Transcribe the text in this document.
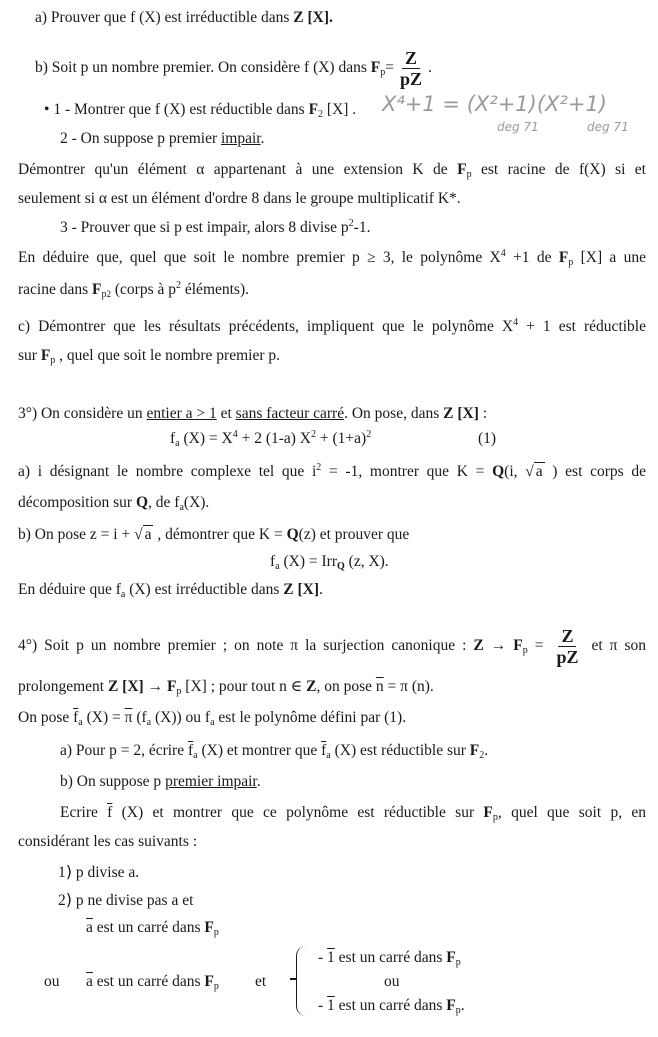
a) Prouver que f (X) est irréductible dans Z [X].
b) Soit p un nombre premier. On considère f (X) dans $F_p= \frac{Z}{pZ}$ .
• 1 - Montrer que f (X) est réductible dans $F_2$ [X] .	X⁴+1 = (X²+1)(X²+1)
deg 71	deg 71
2 - On suppose p premier impair.
Démontrer qu'un élément α appartenant à une extension K de $F_p$ est racine de f(X) si et
seulement si α est un élément d'ordre 8 dans le groupe multiplicatif K*.
3 - Prouver que si p est impair, alors 8 divise $p^2-1$.
En déduire que, quel que soit le nombre premier p ≥ 3, le polynôme $X^4 +1$ de $F_p$ [X] a une
racine dans $F_{p2}$ (corps à $p^2$ éléments).
c) Démontrer que les résultats précédents, impliquent que le polynôme $X^4 + 1$ est réductible
sur $F_p$ , quel que soit le nombre premier p.
3°) On considère un entier a > 1 et sans facteur carré. On pose, dans Z [X] :
$f_a$ $(X) = X^4 + 2$ (1-a) $X^2 + (1+a)^2$	(1)
a) i désignant le nombre complexe tel que $i^2 = -1$, montrer que K = Q(i, √ a ) est corps de
décomposition sur Q, de $f_a(X)$.
b) On pose z = i + √ a , démontrer que K = Q(z) et prouver que
$f_a$ (X) = Irr$_Q$ (z, X).
En déduire que $f_a$ (X) est irréductible dans Z [X].
4°) Soit p un nombre premier ; on note π la surjection canonique : $Z \to F_p = \frac{Z}{pZ}$ et π son
prolongement Z $[X] \to F_p$ [X] ; pour tout n ∈ Z, on pose $\overline{n} = \pi$ (n).
On pose $\overline{f}_a$ $(X) = \overline{\pi}$ ($f_a$ (X)) ou $f_a$ est le polynôme défini par (1).
a) Pour p = 2, écrire $\overline{f}_a$ (X) et montrer que $\overline{f}_a$ (X) est réductible sur $F_2$.
b) On suppose p premier impair.
Ecrire $\overline{f}$ (X) et montrer que ce polynôme est réductible sur $F_p$, quel que soit p, en
considérant les cas suivants :
1) p divise a.
2) p ne divise pas a et
$\overline{a}$ est un carré dans $F_p$
ou	$\overline{a}$ est un carré dans $F_p$	et
- 1 est un carré dans $F_p$
ou
- 1 est un carré dans $F_p$.
